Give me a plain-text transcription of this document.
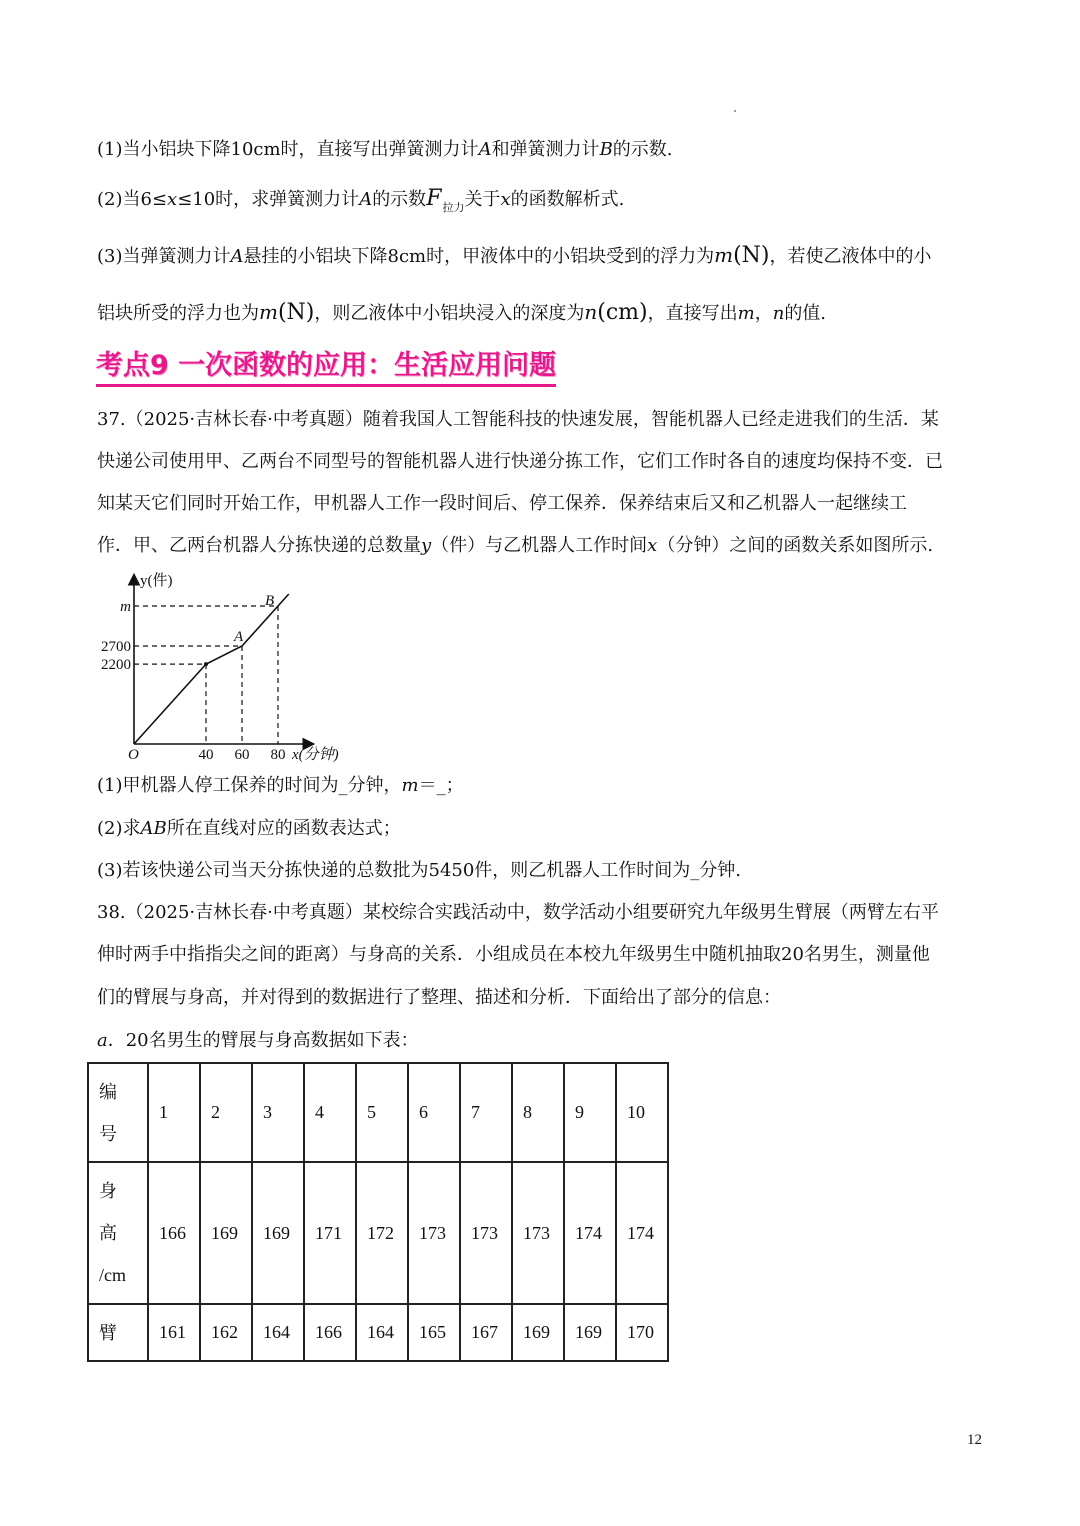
(1)当小铝块下降10cm时，直接写出弹簧测力计A和弹簧测力计B的示数.
(2)当6≤x≤10时，求弹簧测力计A的示数$F_{拉力}$关于x的函数解析式.
(3)当弹簧测力计A悬挂的小铝块下降8cm时，甲液体中的小铝块受到的浮力为m(N)，若使乙液体中的小
铝块所受的浮力也为m(N)，则乙液体中小铝块浸入的深度为n(cm)，直接写出m，n的值.
考点9 一次函数的应用：生活应用问题
37.（2025·吉林长春·中考真题）随着我国人工智能科技的快速发展，智能机器人已经走进我们的生活．某
快递公司使用甲、乙两台不同型号的智能机器人进行快递分拣工作，它们工作时各自的速度均保持不变．已
知某天它们同时开始工作，甲机器人工作一段时间后、停工保养．保养结束后又和乙机器人一起继续工
作．甲、乙两台机器人分拣快递的总数量y（件）与乙机器人工作时间x（分钟）之间的函数关系如图所示.
y(件)
O	40 60 80 x(分钟)
m
2700
2200
A
B
(1)甲机器人停工保养的时间为_分钟，m＝_；
(2)求AB所在直线对应的函数表达式；
(3)若该快递公司当天分拣快递的总数批为5450件，则乙机器人工作时间为_分钟.
38.（2025·吉林长春·中考真题）某校综合实践活动中，数学活动小组要研究九年级男生臂展（两臂左右平
伸时两手中指指尖之间的距离）与身高的关系．小组成员在本校九年级男生中随机抽取20名男生，测量他
们的臂展与身高，并对得到的数据进行了整理、描述和分析．下面给出了部分的信息：
a．20名男生的臂展与身高数据如下表：
编
号	1	2	3	4	5	6	7	8	9	10
身
高
/cm	166	169	169	171	172	173	173	173	174	174
臂	161	162	164	166	164	165	167	169	169	170
12
